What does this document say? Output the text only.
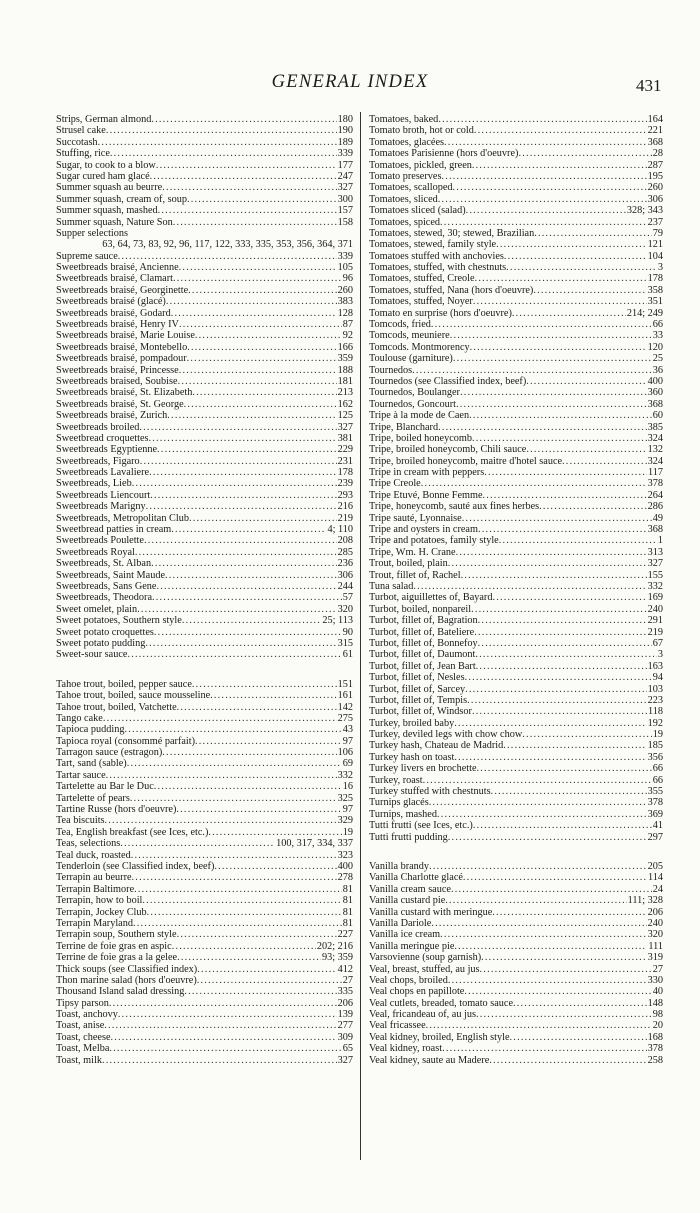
GENERAL INDEX	431
Strips, German almond .....	180
Strusel cake .....	190
Succotash .....	189
Stuffing, rice .....	339
Sugar, to cook to a blow .....	177
Sugar cured ham glacé .....	247
Summer squash au beurre .....	327
Summer squash, cream of, soup .....	300
Summer squash, mashed .....	157
Summer squash, Nature Son .....	158
Supper selections
63, 64, 73, 83, 92, 96, 117, 122, 333, 335, 353, 356, 364, 371
Supreme sauce .....	339
Sweetbreads braisé, Ancienne .....	105
Sweetbreads braisé, Clamart .....	96
Sweetbreads braisé, Georginette .....	260
Sweetbreads braisé (glacé) .....	383
Sweetbreads braisé, Godard .....	128
Sweetbreads braisé, Henry IV .....	87
Sweetbreads braisé, Marie Louise .....	92
Sweetbreads braisé, Montebello .....	166
Sweetbreads braisé, pompadour .....	359
Sweetbreads braisé, Princesse .....	188
Sweetbreads braised, Soubise .....	181
Sweetbreads braisé, St. Elizabeth .....	213
Sweetbreads braisé, St. George .....	162
Sweetbreads braisé, Zurich .....	125
Sweetbreads broiled .....	327
Sweetbread croquettes .....	381
Sweetbreads Egyptienne .....	229
Sweetbreads, Figaro .....	231
Sweetbreads Lavaliere .....	178
Sweetbreads, Lieb .....	239
Sweetbreads Liencourt .....	293
Sweetbreads Marigny .....	216
Sweetbreads, Metropolitan Club .....	219
Sweetbread patties in cream .....	4; 110
Sweetbreads Poulette .....	208
Sweetbreads Royal .....	285
Sweetbreads, St. Alban .....	236
Sweetbreads, Saint Maude .....	306
Sweetbreads, Sans Gene .....	244
Sweetbreads, Theodora .....	57
Sweet omelet, plain .....	320
Sweet potatoes, Southern style .....	25; 113
Sweet potato croquettes .....	90
Sweet potato pudding .....	315
Sweet-sour sauce .....	61
Tahoe trout, boiled, pepper sauce .....	151
Tahoe trout, boiled, sauce mousseline .....	161
Tahoe trout, boiled, Vatchette .....	142
Tango cake .....	275
Tapioca pudding .....	43
Tapioca royal (consommé parfait) .....	97
Tarragon sauce (estragon) .....	106
Tart, sand (sable) .....	69
Tartar sauce .....	332
Tartelette au Bar le Duc .....	16
Tartelette of pears .....	325
Tartine Russe (hors d'oeuvre) .....	97
Tea biscuits .....	329
Tea, English breakfast (see Ices, etc.) .....	19
Teas, selections .....	100, 317, 334, 337
Teal duck, roasted .....	323
Tenderloin (see Classified index, beef) .....	400
Terrapin au beurre .....	278
Terrapin Baltimore .....	81
Terrapin, how to boil .....	81
Terrapin, Jockey Club .....	81
Terrapin Maryland .....	81
Terrapin soup, Southern style .....	227
Terrine de foie gras en aspic .....	202; 216
Terrine de foie gras a la gelee .....	93; 359
Thick soups (see Classified index) .....	412
Thon marine salad (hors d'oeuvre) .....	27
Thousand Island salad dressing .....	335
Tipsy parson .....	206
Toast, anchovy .....	139
Toast, anise .....	277
Toast, cheese .....	309
Toast, Melba .....	65
Toast, milk .....	327
Tomatoes, baked .....	164
Tomato broth, hot or cold .....	221
Tomatoes, glacées .....	368
Tomatoes Parisienne (hors d'oeuvre) .....	28
Tomatoes, pickled, green .....	287
Tomato preserves .....	195
Tomatoes, scalloped .....	260
Tomatoes, sliced .....	306
Tomatoes sliced (salad) .....	328; 343
Tomatoes, spiced .....	237
Tomatoes, stewed, 30; stewed, Brazilian .....	79
Tomatoes, stewed, family style .....	121
Tomatoes stuffed with anchovies .....	104
Tomatoes, stuffed, with chestnuts .....	3
Tomatoes, stuffed, Creole .....	178
Tomatoes, stuffed, Nana (hors d'oeuvre) .....	358
Tomatoes, stuffed, Noyer .....	351
Tomato en surprise (hors d'oeuvre) .....	214; 249
Tomcods, fried .....	66
Tomcods, meuniere .....	33
Tomcods. Montmorency .....	120
Toulouse (garniture) .....	25
Tournedos .....	36
Tournedos (see Classified index, beef) .....	400
Tournedos, Boulanger .....	360
Tournedos, Goncourt .....	368
Tripe à la mode de Caen .....	60
Tripe, Blanchard .....	385
Tripe, boiled honeycomb .....	324
Tripe, broiled honeycomb, Chili sauce .....	132
Tripe, broiled honeycomb, maitre d'hotel sauce .....	324
Tripe in cream with peppers .....	117
Tripe Creole .....	378
Tripe Etuvé, Bonne Femme .....	264
Tripe, honeycomb, sauté aux fines herbes .....	286
Tripe sauté, Lyonnaise .....	49
Tripe and oysters in cream .....	368
Tripe and potatoes, family style .....	1
Tripe, Wm. H. Crane .....	313
Trout, boiled, plain .....	327
Trout, fillet of, Rachel .....	155
Tuna salad .....	332
Turbot, aiguillettes of, Bayard .....	169
Turbot, boiled, nonpareil .....	240
Turbot, fillet of, Bagration .....	291
Turbot, fillet of, Bateliere .....	219
Turbot, fillet of, Bonnefoy .....	67
Turbot, fillet of, Daumont .....	3
Turbot, fillet of, Jean Bart .....	163
Turbot, fillet of, Nesles .....	94
Turbot, fillet of, Sarcey .....	103
Turbot, fillet of, Tempis .....	223
Turbot, fillet of, Windsor .....	118
Turkey, broiled baby .....	192
Turkey, deviled legs with chow chow .....	19
Turkey hash, Chateau de Madrid .....	185
Turkey hash on toast .....	356
Turkey livers en brochette .....	66
Turkey, roast .....	66
Turkey stuffed with chestnuts .....	355
Turnips glacés .....	378
Turnips, mashed .....	369
Tutti frutti (see Ices, etc.) .....	41
Tutti frutti pudding .....	297
Vanilla brandy .....	205
Vanilla Charlotte glacé .....	114
Vanilla cream sauce .....	24
Vanilla custard pie .....	111; 328
Vanilla custard with meringue .....	206
Vanilla Dariole .....	240
Vanilla ice cream .....	320
Vanilla meringue pie .....	111
Varsovienne (soup garnish) .....	319
Veal, breast, stuffed, au jus .....	27
Veal chops, broiled .....	330
Veal chops en papillote .....	40
Veal cutlets, breaded, tomato sauce .....	148
Veal, fricandeau of, au jus .....	98
Veal fricassee .....	20
Veal kidney, broiled, English style .....	168
Veal kidney, roast .....	378
Veal kidney, saute au Madere .....	258
